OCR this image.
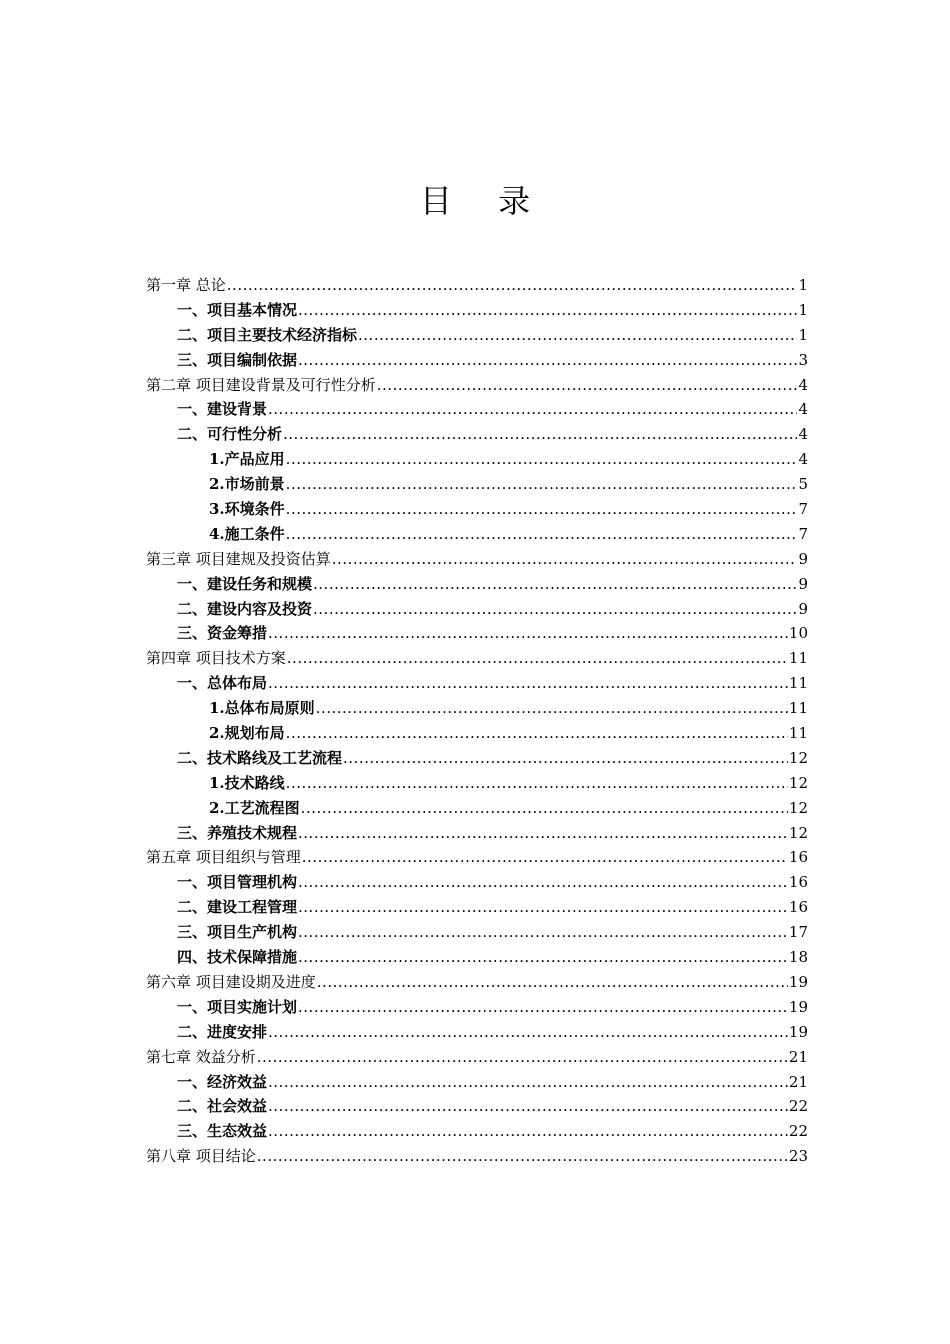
目 录
第一章 总论 .....	1
一、项目基本情况 .....	1
二、项目主要技术经济指标 .....	1
三、项目编制依据 .....	3
第二章 项目建设背景及可行性分析 .....	4
一、建设背景 .....	4
二、可行性分析 .....	4
1.产品应用 .....	4
2.市场前景 .....	5
3.环境条件 .....	7
4.施工条件 .....	7
第三章 项目建规及投资估算 .....	9
一、建设任务和规模 .....	9
二、建设内容及投资 .....	9
三、资金筹措 .....	10
第四章 项目技术方案 .....	11
一、总体布局 .....	11
1.总体布局原则 .....	11
2.规划布局 .....	11
二、技术路线及工艺流程 .....	12
1.技术路线 .....	12
2.工艺流程图 .....	12
三、养殖技术规程 .....	12
第五章 项目组织与管理 .....	16
一、项目管理机构 .....	16
二、建设工程管理 .....	16
三、项目生产机构 .....	17
四、技术保障措施 .....	18
第六章 项目建设期及进度 .....	19
一、项目实施计划 .....	19
二、进度安排 .....	19
第七章 效益分析 .....	21
一、经济效益 .....	21
二、社会效益 .....	22
三、生态效益 .....	22
第八章 项目结论 .....	23
